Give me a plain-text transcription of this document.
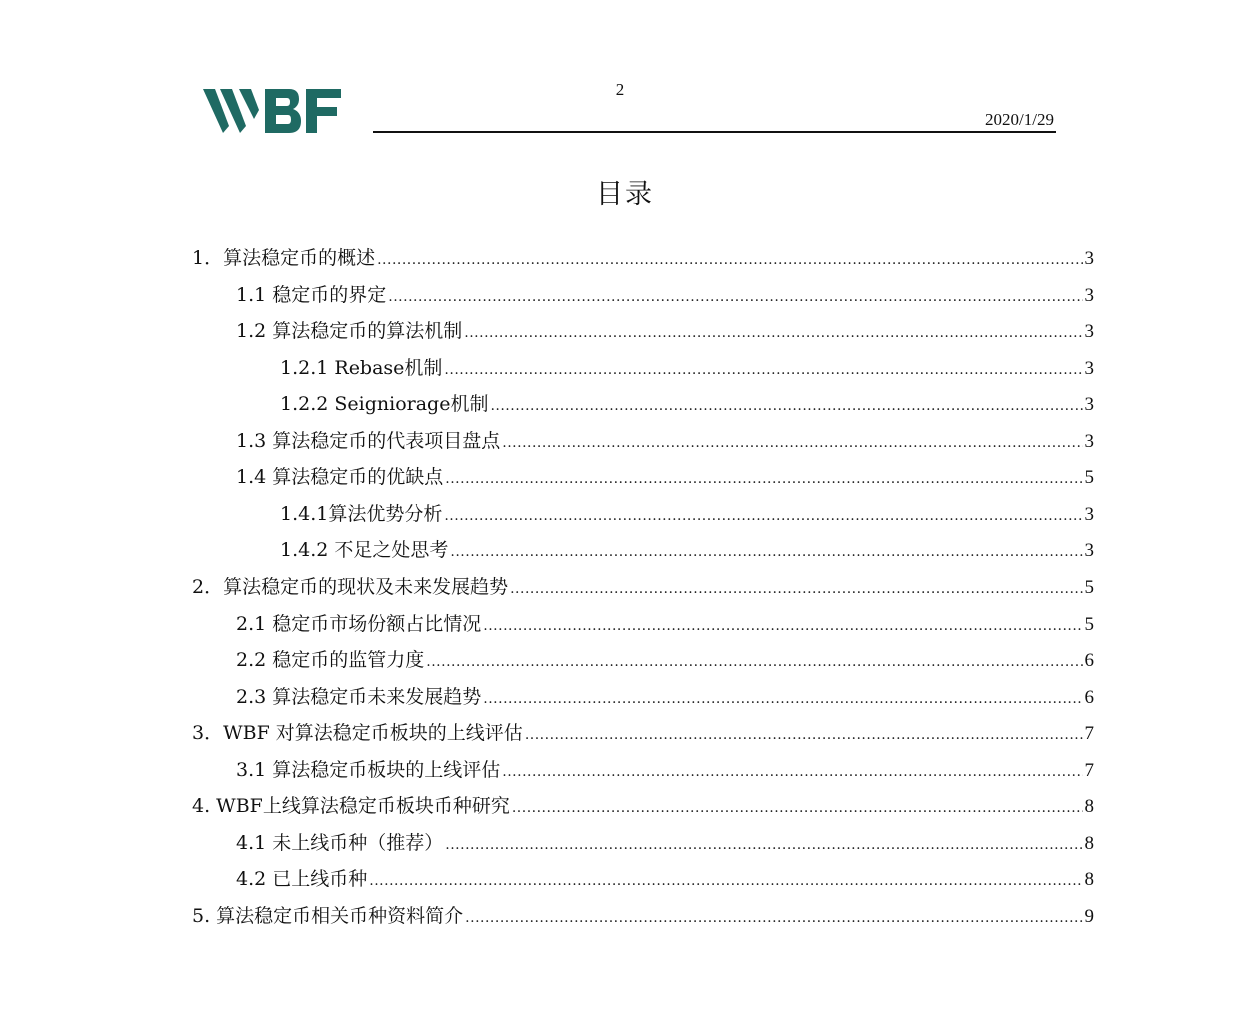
2
2020/1/29
目录
1．算法稳定币的概述 .....	3
1.1 稳定币的界定 .....	3
1.2 算法稳定币的算法机制 .....	3
1.2.1 Rebase机制 .....	3
1.2.2 Seigniorage机制 .....	3
1.3 算法稳定币的代表项目盘点 .....	3
1.4 算法稳定币的优缺点 .....	5
1.4.1算法优势分析 .....	3
1.4.2 不足之处思考 .....	3
2．算法稳定币的现状及未来发展趋势 .....	5
2.1 稳定币市场份额占比情况 .....	5
2.2 稳定币的监管力度 .....	6
2.3 算法稳定币未来发展趋势 .....	6
3．WBF 对算法稳定币板块的上线评估 .....	7
3.1 算法稳定币板块的上线评估 .....	7
4. WBF上线算法稳定币板块币种研究 .....	8
4.1 未上线币种（推荐） .....	8
4.2 已上线币种 .....	8
5. 算法稳定币相关币种资料简介 .....	9
